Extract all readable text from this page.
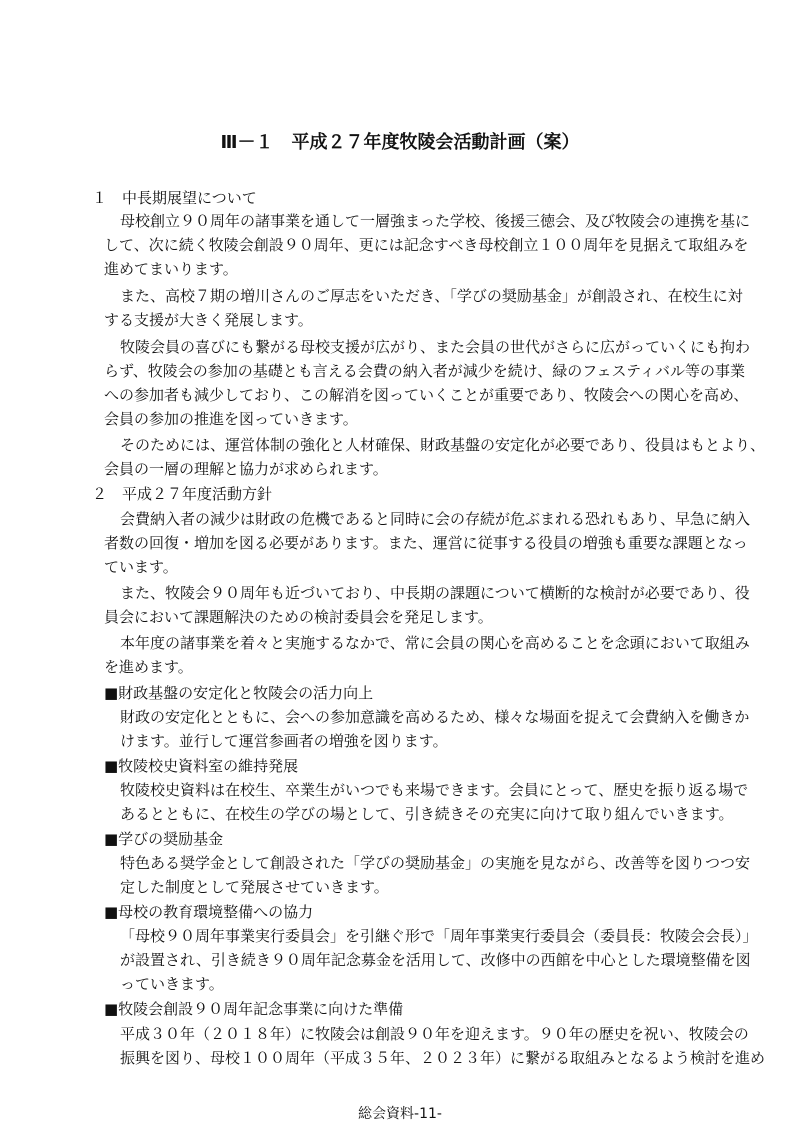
Ⅲ－１　平成２７年度牧陵会活動計画（案）
１　中長期展望について
母校創立９０周年の諸事業を通して一層強まった学校、後援三徳会、及び牧陵会の連携を基に
して、次に続く牧陵会創設９０周年、更には記念すべき母校創立１００周年を見据えて取組みを
進めてまいります。
また、高校７期の増川さんのご厚志をいただき、「学びの奨励基金」が創設され、在校生に対
する支援が大きく発展します。
牧陵会員の喜びにも繋がる母校支援が広がり、また会員の世代がさらに広がっていくにも拘わ
らず、牧陵会の参加の基礎とも言える会費の納入者が減少を続け、緑のフェスティバル等の事業
への参加者も減少しており、この解消を図っていくことが重要であり、牧陵会への関心を高め、
会員の参加の推進を図っていきます。
そのためには、運営体制の強化と人材確保、財政基盤の安定化が必要であり、役員はもとより、
会員の一層の理解と協力が求められます。
２　平成２７年度活動方針
会費納入者の減少は財政の危機であると同時に会の存続が危ぶまれる恐れもあり、早急に納入
者数の回復・増加を図る必要があります。また、運営に従事する役員の増強も重要な課題となっ
ています。
また、牧陵会９０周年も近づいており、中長期の課題について横断的な検討が必要であり、役
員会において課題解決のための検討委員会を発足します。
本年度の諸事業を着々と実施するなかで、常に会員の関心を高めることを念頭において取組み
を進めます。
■財政基盤の安定化と牧陵会の活力向上
財政の安定化とともに、会への参加意識を高めるため、様々な場面を捉えて会費納入を働きか
けます。並行して運営参画者の増強を図ります。
■牧陵校史資料室の維持発展
牧陵校史資料は在校生、卒業生がいつでも来場できます。会員にとって、歴史を振り返る場で
あるとともに、在校生の学びの場として、引き続きその充実に向けて取り組んでいきます。
■学びの奨励基金
特色ある奨学金として創設された「学びの奨励基金」の実施を見ながら、改善等を図りつつ安
定した制度として発展させていきます。
■母校の教育環境整備への協力
「母校９０周年事業実行委員会」を引継ぐ形で「周年事業実行委員会（委員長：牧陵会会長）」
が設置され、引き続き９０周年記念募金を活用して、改修中の西館を中心とした環境整備を図
っていきます。
■牧陵会創設９０周年記念事業に向けた準備
平成３０年（２０１８年）に牧陵会は創設９０年を迎えます。９０年の歴史を祝い、牧陵会の
振興を図り、母校１００周年（平成３５年、２０２３年）に繋がる取組みとなるよう検討を進め
総会資料-11-
